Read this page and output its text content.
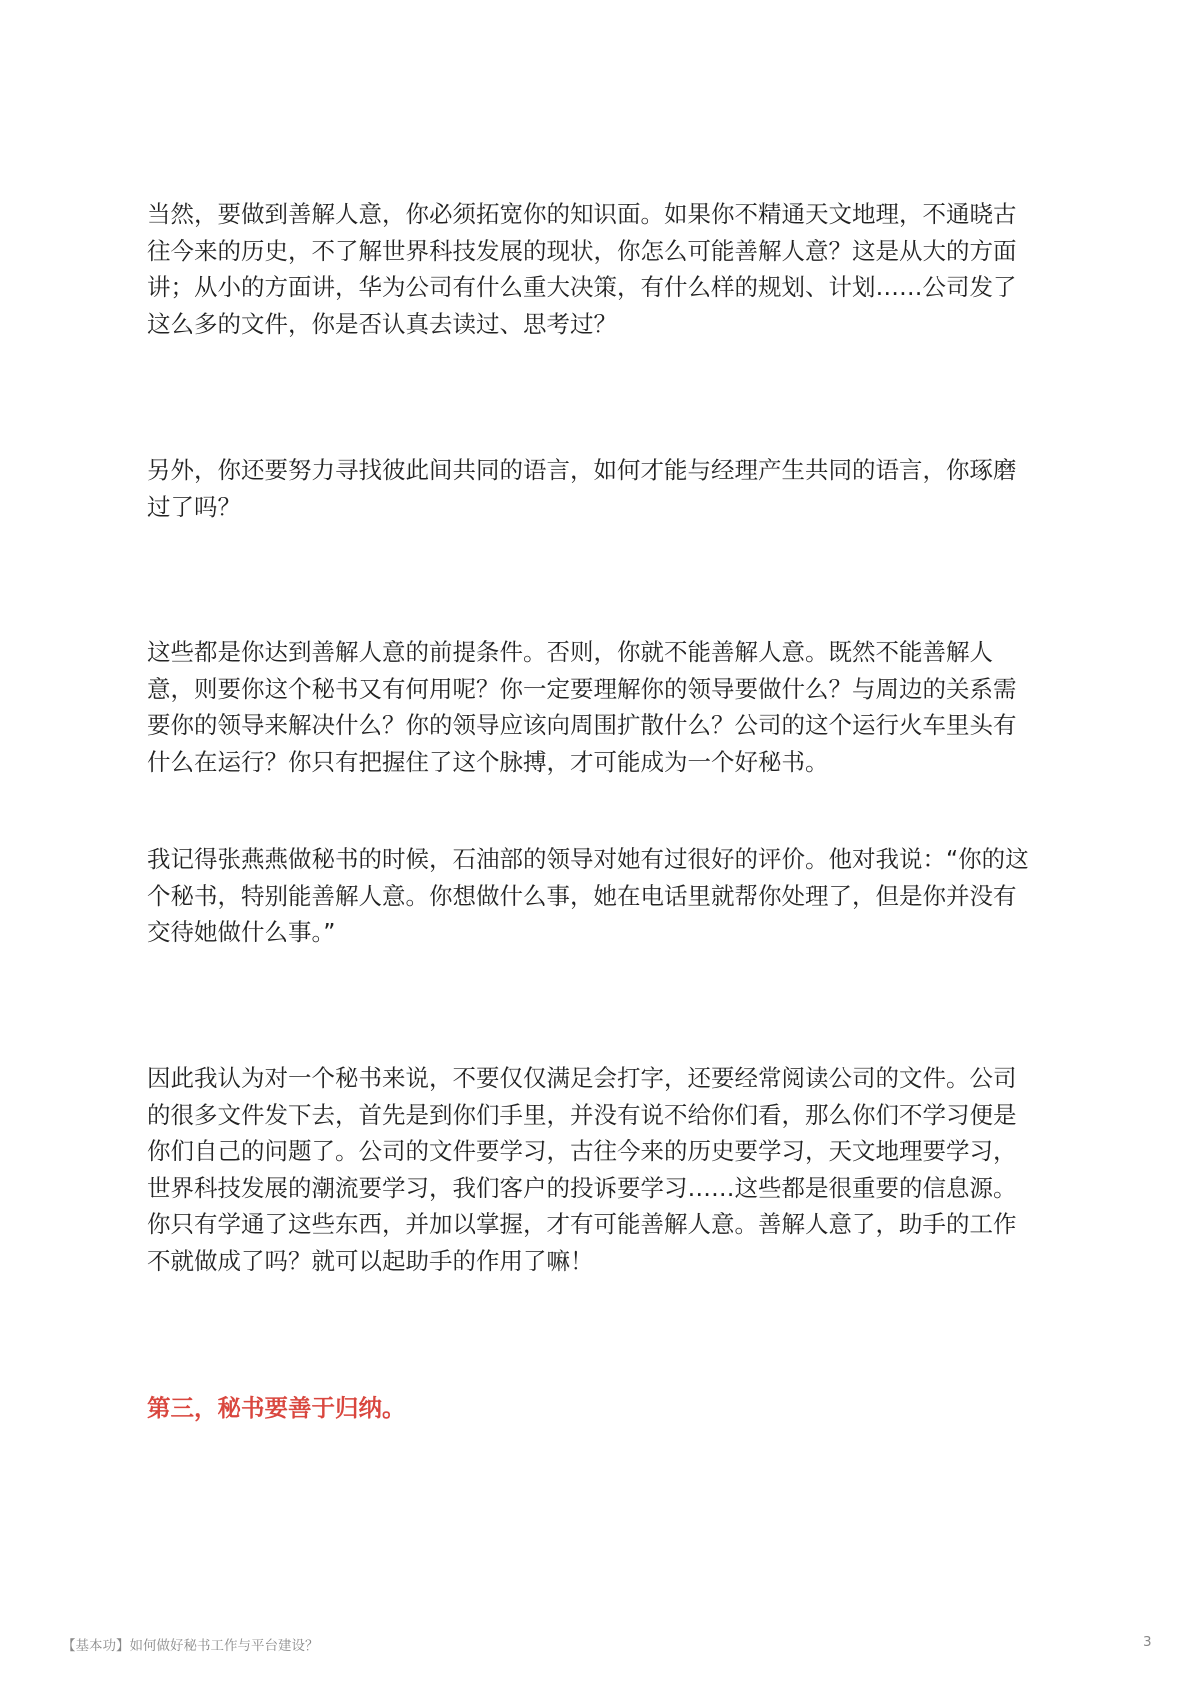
当然，要做到善解人意，你必须拓宽你的知识面。如果你不精通天文地理，不通晓古
往今来的历史，不了解世界科技发展的现状，你怎么可能善解人意？这是从大的方面
讲；从小的方面讲，华为公司有什么重大决策，有什么样的规划、计划……公司发了
这么多的文件，你是否认真去读过、思考过？
另外，你还要努力寻找彼此间共同的语言，如何才能与经理产生共同的语言，你琢磨
过了吗？
这些都是你达到善解人意的前提条件。否则，你就不能善解人意。既然不能善解人
意，则要你这个秘书又有何用呢？你一定要理解你的领导要做什么？与周边的关系需
要你的领导来解决什么？你的领导应该向周围扩散什么？公司的这个运行火车里头有
什么在运行？你只有把握住了这个脉搏，才可能成为一个好秘书。
我记得张燕燕做秘书的时候，石油部的领导对她有过很好的评价。他对我说：“你的这
个秘书，特别能善解人意。你想做什么事，她在电话里就帮你处理了，但是你并没有
交待她做什么事。”
因此我认为对一个秘书来说，不要仅仅满足会打字，还要经常阅读公司的文件。公司
的很多文件发下去，首先是到你们手里，并没有说不给你们看，那么你们不学习便是
你们自己的问题了。公司的文件要学习，古往今来的历史要学习，天文地理要学习，
世界科技发展的潮流要学习，我们客户的投诉要学习……这些都是很重要的信息源。
你只有学通了这些东西，并加以掌握，才有可能善解人意。善解人意了，助手的工作
不就做成了吗？就可以起助手的作用了嘛！
第三，秘书要善于归纳。
【基本功】如何做好秘书工作与平台建设？	3
